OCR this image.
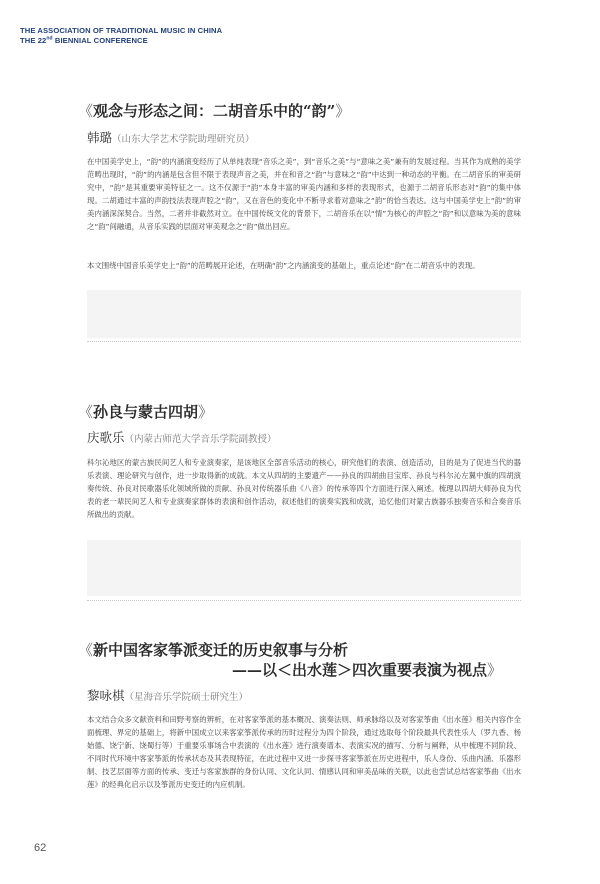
THE ASSOCIATION OF TRADITIONAL MUSIC IN CHINA
THE 22nd BIENNIAL CONFERENCE
《观念与形态之间：二胡音乐中的“韵”》
韩璐（山东大学艺术学院助理研究员）

在中国美学史上，“韵”的内涵演变经历了从单纯表现“音乐之美”，到“音乐之美”与“意味之美”兼有的发展过程。当其作为成熟的美学范畴出现时，“韵”的内涵是包含但不限于表现声音之美，并在和音之“韵”与意味之“韵”中达到一种动态的平衡。在二胡音乐的审美研究中，“韵”是其重要审美特征之一。这不仅源于“韵”本身丰富的审美内涵和多样的表现形式，也源于二胡音乐形态对“韵”的集中体现。二胡通过丰富的声韵技法表现声腔之“韵”，又在音色的变化中不断寻求着对意味之“韵”的恰当表达。这与中国美学史上“韵”的审美内涵深深契合。当然，二者并非截然对立。在中国传统文化的背景下，二胡音乐在以“情”为核心的声腔之“韵”和以意味为美的意味之“韵”间融通，从音乐实践的层面对审美观念之“韵”做出回应。

本文围绕中国音乐美学史上“韵”的范畴展开论述，在明确“韵”之内涵演变的基础上，重点论述“韵”在二胡音乐中的表现。

《孙良与蒙古四胡》
庆歌乐（内蒙古师范大学音乐学院副教授）

科尔沁地区的蒙古族民间艺人和专业演奏家，是该地区全部音乐活动的核心，研究他们的表演、创造活动，目的是为了促进当代的器乐表演、理论研究与创作，进一步取得新的成就。本文从四胡的主要遗产——孙良的四胡曲目宝库、孙良与科尔沁左翼中旗的四胡演奏传统、孙良对民歌器乐化领域所做的贡献、孙良对传统器乐曲《八音》的传承等四个方面进行深入阐述。梳理以四胡大师孙良为代表的老一辈民间艺人和专业演奏家群体的表演和创作活动，叙述他们的演奏实践和成就，追忆他们对蒙古族器乐独奏音乐和合奏音乐所做出的贡献。

《新中国客家筝派变迁的历史叙事与分析
——以＜出水莲＞四次重要表演为视点》
黎咏棋（星海音乐学院硕士研究生）

本文结合众多文献资料和田野考察的辨析，在对客家筝派的基本概况、演奏法则、师承脉络以及对客家筝曲《出水莲》相关内容作全面梳理、界定的基础上，将新中国成立以来客家筝派传承的历时过程分为四个阶段，通过选取每个阶段最具代表性乐人（罗九香、杨始德、饶宁新、饶蜀行等）于重要乐事场合中表演的《出水莲》进行演奏谱本、表演实况的描写、分析与阐释，从中梳理不同阶段、不同时代环境中客家筝派的传承状态及其表现特征，在此过程中又进一步探寻客家筝派在历史进程中，乐人身份、乐曲内涵、乐器形制、技艺层面等方面的传承、变迁与客家族群的身份认同、文化认同、情感认同和审美品味的关联，以此也尝试总结客家筝曲《出水莲》的经典化启示以及筝派历史变迁的内应机制。

62
